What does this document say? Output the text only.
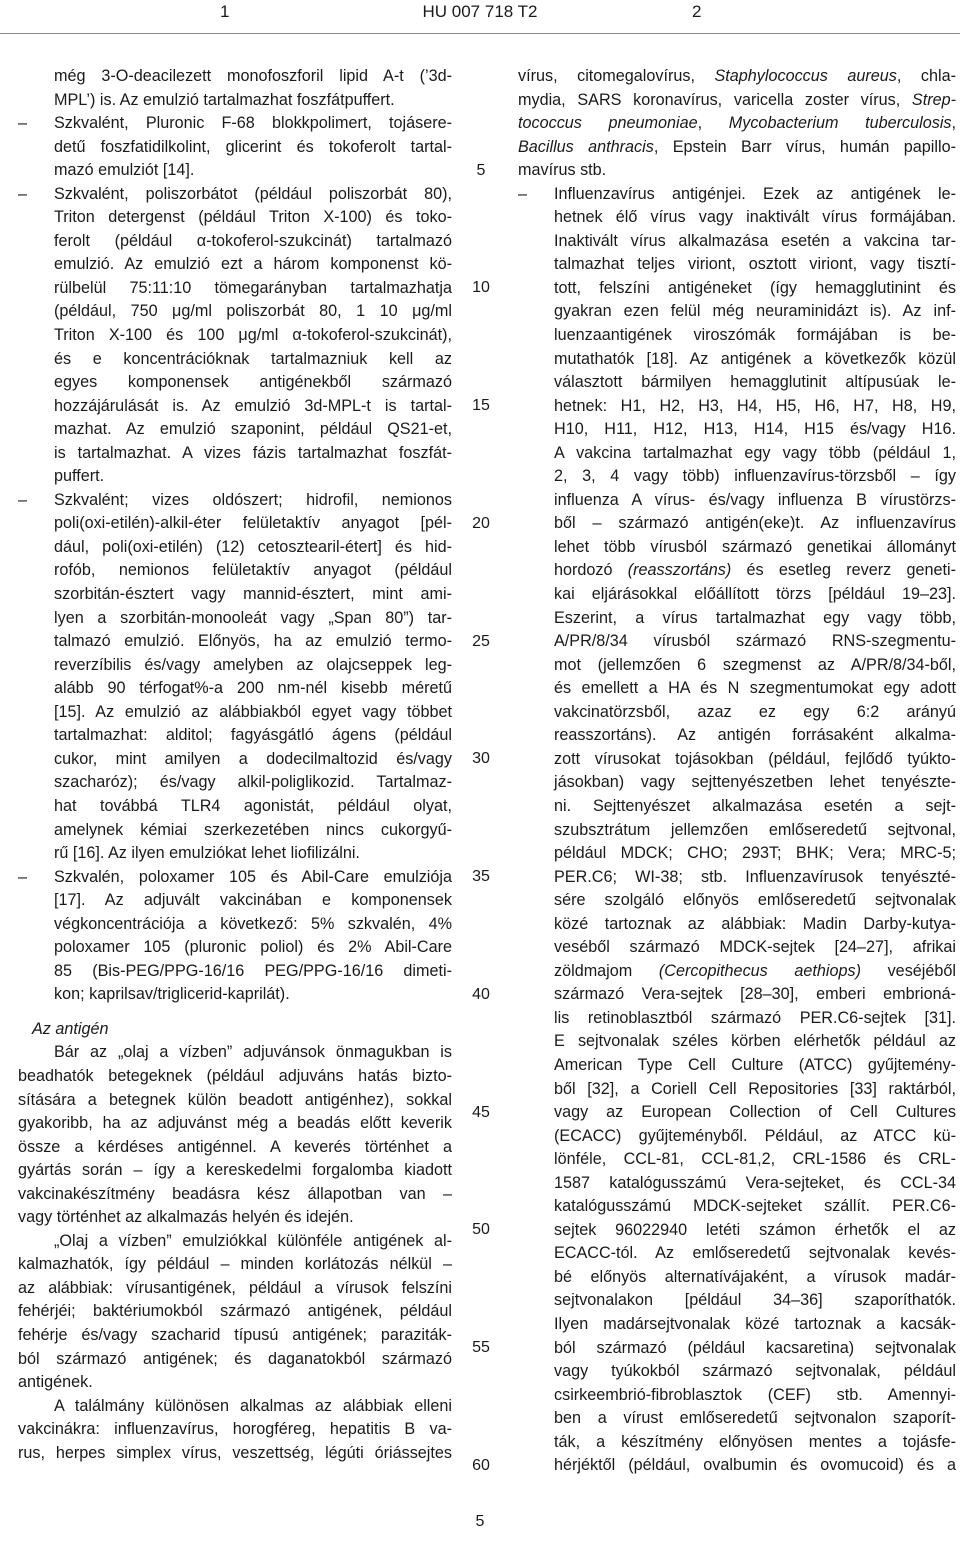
1	HU 007 718 T2	2
még 3-O-deacilezett monofoszforil lipid A-t (’3d-
MPL’) is. Az emulzió tartalmazhat foszfátpuffert.
– Szkvalént, Pluronic F-68 blokkpolimert, tojásere-
detű foszfatidilkolint, glicerint és tokoferolt tartal-
mazó emulziót [14].
– Szkvalént, poliszorbátot (például poliszorbát 80),
Triton detergenst (például Triton X-100) és toko-
ferolt (például α-tokoferol-szukcinát) tartalmazó
emulzió. Az emulzió ezt a három komponenst kö-
rülbelül 75:11:10 tömegarányban tartalmazhatja
(például, 750 μg/ml poliszorbát 80, 1 10 μg/ml
Triton X-100 és 100 μg/ml α-tokoferol-szukcinát),
és e koncentrációknak tartalmazniuk kell az
egyes komponensek antigénekből származó
hozzájárulását is. Az emulzió 3d-MPL-t is tartal-
mazhat. Az emulzió szaponint, például QS21-et,
is tartalmazhat. A vizes fázis tartalmazhat foszfát-
puffert.
– Szkvalént; vizes oldószert; hidrofil, nemionos
poli(oxi-etilén)-alkil-éter felületaktív anyagot [pél-
dául, poli(oxi-etilén) (12) cetosztearil-étert] és hid-
rofób, nemionos felületaktív anyagot (például
szorbitán-észtert vagy mannid-észtert, mint ami-
lyen a szorbitán-monooleát vagy „Span 80”) tar-
talmazó emulzió. Előnyös, ha az emulzió termo-
reverzíbilis és/vagy amelyben az olajcseppek leg-
alább 90 térfogat%-a 200 nm-nél kisebb méretű
[15]. Az emulzió az alábbiakból egyet vagy többet
tartalmazhat: alditol; fagyásgátló ágens (például
cukor, mint amilyen a dodecilmaltozid és/vagy
szacharóz); és/vagy alkil-poliglikozid. Tartalmaz-
hat továbbá TLR4 agonistát, például olyat,
amelynek kémiai szerkezetében nincs cukorgyű-
rű [16]. Az ilyen emulziókat lehet liofilizálni.
– Szkvalén, poloxamer 105 és Abil-Care emulziója
[17]. Az adjuvált vakcinában e komponensek
végkoncentrációja a következő: 5% szkvalén, 4%
poloxamer 105 (pluronic poliol) és 2% Abil-Care
85 (Bis-PEG/PPG-16/16 PEG/PPG-16/16 dimeti-
kon; kaprilsav/triglicerid-kaprilát).
Az antigén
Bár az „olaj a vízben” adjuvánsok önmagukban is
beadhatók betegeknek (például adjuváns hatás bizto-
sítására a betegnek külön beadott antigénhez), sokkal
gyakoribb, ha az adjuvánst még a beadás előtt keverik
össze a kérdéses antigénnel. A keverés történhet a
gyártás során – így a kereskedelmi forgalomba kiadott
vakcinakészítmény beadásra kész állapotban van –
vagy történhet az alkalmazás helyén és idején.
„Olaj a vízben” emulziókkal különféle antigének al-
kalmazhatók, így például – minden korlátozás nélkül –
az alábbiak: vírusantigének, például a vírusok felszíni
fehérjéi; baktériumokból származó antigének, például
fehérje és/vagy szacharid típusú antigének; paraziták-
ból származó antigének; és daganatokból származó
antigének.
A találmány különösen alkalmas az alábbiak elleni
vakcinákra: influenzavírus, horogféreg, hepatitis B va-
rus, herpes simplex vírus, veszettség, légúti óriássejtes
5
10
15
20
25
30
35
40
45
50
55
60
vírus, citomegalovírus, Staphylococcus aureus, chla-
mydia, SARS koronavírus, varicella zoster vírus, Strep-
tococcus pneumoniae, Mycobacterium tuberculosis,
Bacillus anthracis, Epstein Barr vírus, humán papillo-
mavírus stb.
– Influenzavírus antigénjei. Ezek az antigének le-
hetnek élő vírus vagy inaktivált vírus formájában.
Inaktivált vírus alkalmazása esetén a vakcina tar-
talmazhat teljes viriont, osztott viriont, vagy tisztí-
tott, felszíni antigéneket (így hemagglutinint és
gyakran ezen felül még neuraminidázt is). Az inf-
luenzaantigének viroszómák formájában is be-
mutathatók [18]. Az antigének a következők közül
választott bármilyen hemagglutinit altípusúak le-
hetnek: H1, H2, H3, H4, H5, H6, H7, H8, H9,
H10, H11, H12, H13, H14, H15 és/vagy H16.
A vakcina tartalmazhat egy vagy több (például 1,
2, 3, 4 vagy több) influenzavírus-törzsből – így
influenza A vírus- és/vagy influenza B vírustörzs-
ből – származó antigén(eke)t. Az influenzavírus
lehet több vírusból származó genetikai állományt
hordozó (reasszortáns) és esetleg reverz geneti-
kai eljárásokkal előállított törzs [például 19–23].
Eszerint, a vírus tartalmazhat egy vagy több,
A/PR/8/34 vírusból származó RNS-szegmentu-
mot (jellemzően 6 szegmenst az A/PR/8/34-ből,
és emellett a HA és N szegmentumokat egy adott
vakcinatörzsből, azaz ez egy 6:2 arányú
reasszortáns). Az antigén forrásaként alkalma-
zott vírusokat tojásokban (például, fejlődő tyúkto-
jásokban) vagy sejttenyészetben lehet tenyészte-
ni. Sejttenyészet alkalmazása esetén a sejt-
szubsztrátum jellemzően emlőseredetű sejtvonal,
például MDCK; CHO; 293T; BHK; Vera; MRC-5;
PER.C6; WI-38; stb. Influenzavírusok tenyészté-
sére szolgáló előnyös emlőseredetű sejtvonalak
közé tartoznak az alábbiak: Madin Darby-kutya-
veséből származó MDCK-sejtek [24–27], afrikai
zöldmajom (Cercopithecus aethiops) veséjéből
származó Vera-sejtek [28–30], emberi embrioná-
lis retinoblasztból származó PER.C6-sejtek [31].
E sejtvonalak széles körben elérhetők például az
American Type Cell Culture (ATCC) gyűjtemény-
ből [32], a Coriell Cell Repositories [33] raktárból,
vagy az European Collection of Cell Cultures
(ECACC) gyűjteményből. Például, az ATCC kü-
lönféle, CCL-81, CCL-81,2, CRL-1586 és CRL-
1587 katalógusszámú Vera-sejteket, és CCL-34
katalógusszámú MDCK-sejteket szállít. PER.C6-
sejtek 96022940 letéti számon érhetők el az
ECACC-tól. Az emlőseredetű sejtvonalak kevés-
bé előnyös alternatívájaként, a vírusok madár-
sejtvonalakon [például 34–36] szaporíthatók.
Ilyen madársejtvonalak közé tartoznak a kacsák-
ból származó (például kacsaretina) sejtvonalak
vagy tyúkokból származó sejtvonalak, például
csirkeembrió-fibroblasztok (CEF) stb. Amennyi-
ben a vírust emlőseredetű sejtvonalon szaporít-
ták, a készítmény előnyösen mentes a tojásfe-
hérjéktől (például, ovalbumin és ovomucoid) és a
5
